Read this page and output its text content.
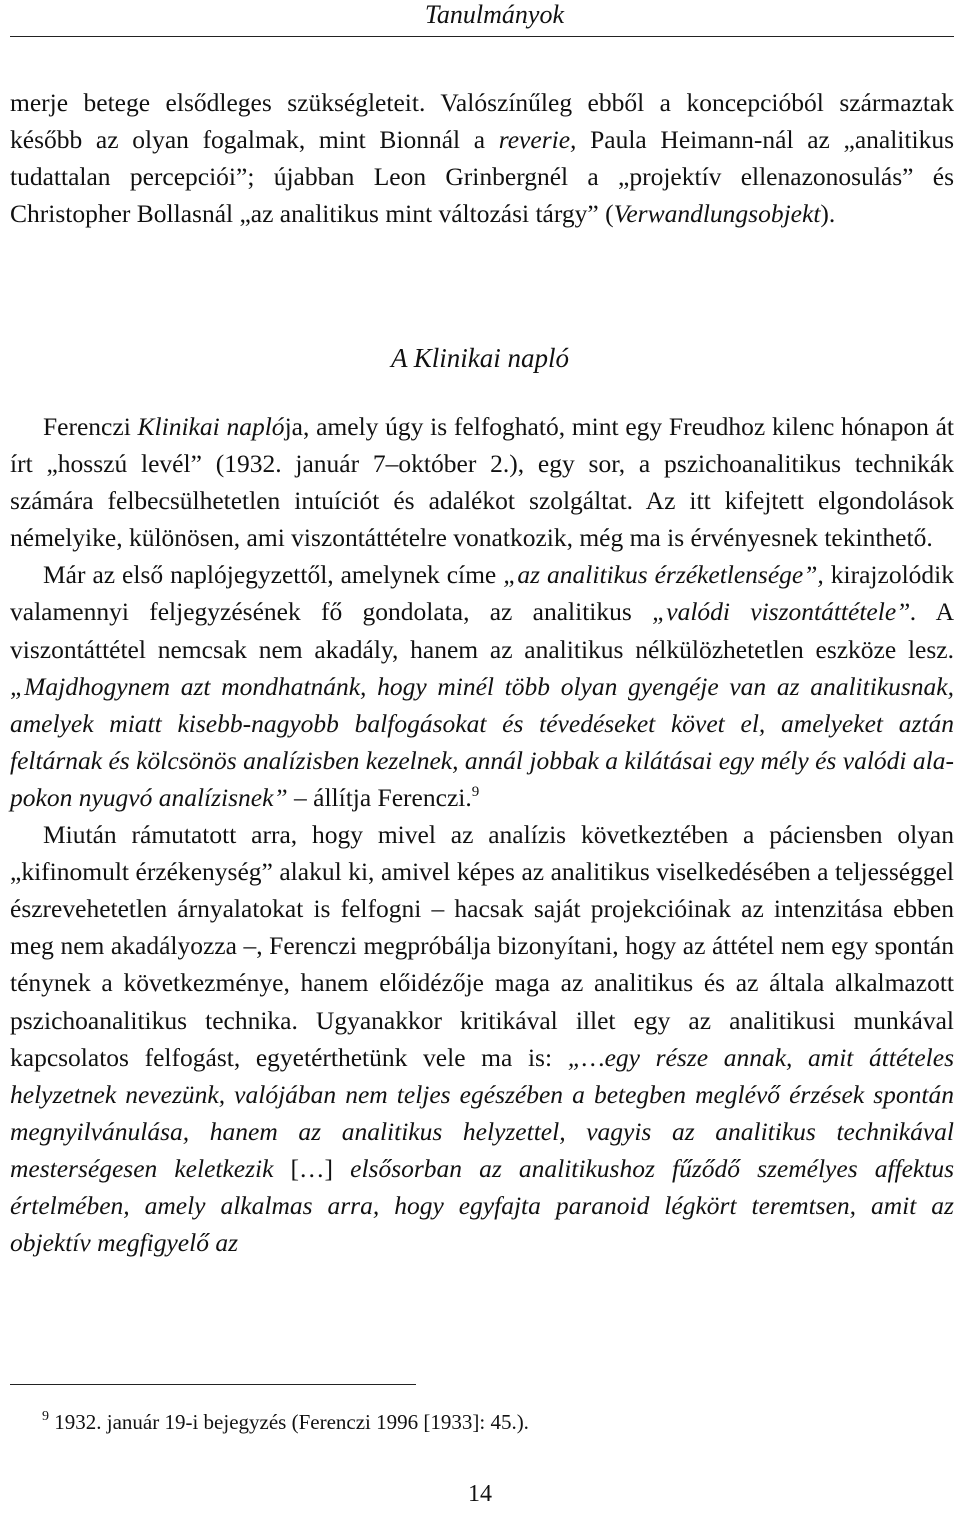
Tanulmányok

merje betege elsődleges szükségleteit. Valószínűleg ebből a koncepcióból származtak később az olyan fogalmak, mint Bionnál a reverie, Paula Heimann-nál az „analitikus tudattalan percepciói”; újabban Leon Grinbergnél a „projektív ellenazonosulás” és Christopher Bollasnál „az analitikus mint változási tárgy” (Verwandlungsobjekt).

A Klinikai napló

Ferenczi Klinikai naplója, amely úgy is felfogható, mint egy Freudhoz kilenc hónapon át írt „hosszú levél” (1932. január 7–október 2.), egy sor, a pszichoanalitikus technikák számára felbecsülhetetlen intuíciót és adalékot szolgáltat. Az itt kifejtett elgondolások némelyike, különösen, ami viszontáttételre vonatkozik, még ma is érvényesnek tekinthető.

Már az első naplójegyzettől, amelynek címe „az analitikus érzéketlensége”, kirajzolódik valamennyi feljegyzésének fő gondolata, az analitikus „valódi viszontáttétele”. A viszontáttétel nemcsak nem akadály, hanem az analitikus nélkülözhetetlen eszköze lesz. „Majdhogynem azt mondhatnánk, hogy minél több olyan gyengéje van az analitikusnak, amelyek miatt kisebb-nagyobb balfogásokat és tévedéseket követ el, amelyeket aztán feltárnak és kölcsönös analízisben kezelnek, annál jobbak a kilátásai egy mély és valódi alapokon nyugvó analízisnek” – állítja Ferenczi.$^9$

Miután rámutatott arra, hogy mivel az analízis következtében a páciensben olyan „kifinomult érzékenység” alakul ki, amivel képes az analitikus viselkedésében a teljességgel észrevehetetlen árnyalatokat is felfogni – hacsak saját projekcióinak az intenzitása ebben meg nem akadályozza –, Ferenczi megpróbálja bizonyítani, hogy az áttétel nem egy spontán ténynek a következménye, hanem előidézője maga az analitikus és az általa alkalmazott pszichoanalitikus technika. Ugyanakkor kritikával illet egy az analitikusi munkával kapcsolatos felfogást, egyetérthetünk vele ma is: „…egy része annak, amit áttételes helyzetnek nevezünk, valójában nem teljes egészében a betegben meglévő érzések spontán megnyilvánulása, hanem az analitikus helyzettel, vagyis az analitikus technikával mesterségesen keletkezik […] elsősorban az analitikushoz fűződő személyes affektus értelmében, amely alkalmas arra, hogy egyfajta paranoid légkört teremtsen, amit az objektív megfigyelő az

$^9$ 1932. január 19-i bejegyzés (Ferenczi 1996 [1933]: 45.).
14
